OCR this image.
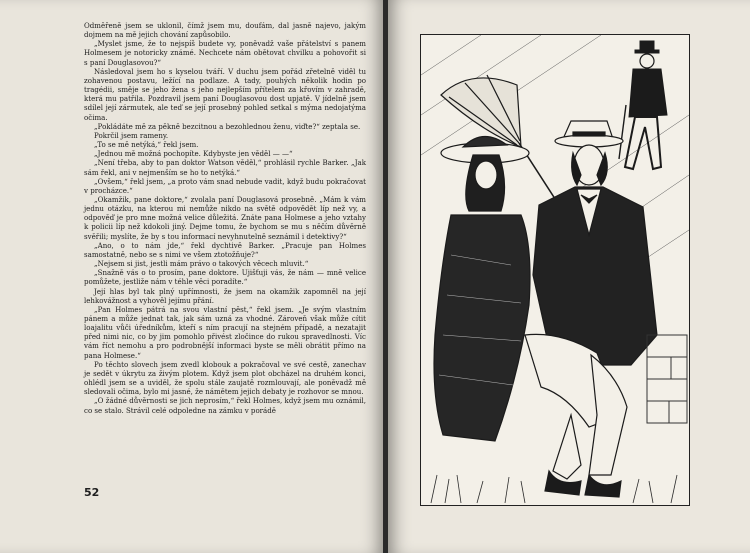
Odměřeně jsem se uklonil, čímž jsem mu, doufám, dal jasně najevo, jakým dojmem na mě jejich chování zapůsobilo.

„Myslet jsme, že to nejspíš budete vy, poněvadž vaše přátelství s panem Holmesem je notoricky známé. Nechcete nám obětovat chvilku a pohovořit si s paní Douglasovou?“

Následoval jsem ho s kyselou tváří. V duchu jsem pořád zřetelně viděl tu zohavenou postavu, ležící na podlaze. A tady, pouhých několik hodin po tragédii, směje se jeho žena s jeho nejlepším přítelem za křovím v zahradě, která mu patřila. Pozdravil jsem paní Douglasovou dost upjatě. V jídelně jsem sdílel její zármutek, ale teď se její prosebný pohled setkal s mýma nedojatýma očima.

„Pokládáte mě za pěkně bezcitnou a bezohlednou ženu, viďte?“ zeptala se.

Pokrčil jsem rameny.

„To se mě netýká,“ řekl jsem.

„Jednou mě možná pochopíte. Kdybyste jen věděl — —“

„Není třeba, aby to pan doktor Watson věděl,“ prohlásil rychle Barker. „Jak sám řekl, ani v nejmenším se ho to netýká.“

„Ovšem,“ řekl jsem, „a proto vám snad nebude vadit, když budu pokračovat v procházce.“

„Okamžik, pane doktore,“ zvolala paní Douglasová prosebně. „Mám k vám jednu otázku, na kterou mi nemůže nikdo na světě odpovědět líp než vy, a odpověď je pro mne možná velice důležitá. Znáte pana Holmese a jeho vztahy k policii líp než kdokoli jiný. Dejme tomu, že bychom se mu s něčím důvěrně svěřili; myslíte, že by s tou informací nevyhnutelně seznámil i detektivy?“

„Ano, o to nám jde,“ řekl dychtivě Barker. „Pracuje pan Holmes samostatně, nebo se s nimi ve všem ztotožňuje?“

„Nejsem si jist, jestli mám právo o takových věcech mluvit.“

„Snažně vás o to prosím, pane doktore. Ujišťuji vás, že nám — mně velice pomůžete, jestliže nám v téhle věci poradíte.“

Její hlas byl tak plný upřímnosti, že jsem na okamžik zapomněl na její lehkovážnost a vyhověl jejímu přání.

„Pan Holmes pátrá na svou vlastní pěst,“ řekl jsem. „Je svým vlastním pánem a může jednat tak, jak sám uzná za vhodné. Zároveň však může cítit loajalitu vůči úředníkům, kteří s ním pracují na stejném případě, a nezatajit před nimi nic, co by jim pomohlo přivést zločince do rukou spravedlnosti. Víc vám říct nemohu a pro podrobnější informaci byste se měli obrátit přímo na pana Holmese.“

Po těchto slovech jsem zvedl klobouk a pokračoval ve své cestě, zanechav je sedět v úkrytu za živým plotem. Když jsem plot obcházel na druhém konci, ohlédl jsem se a uviděl, že spolu stále zaujatě rozmlouvají, ale poněvadž mě sledovali očima, bylo mi jasné, že námětem jejich debaty je rozhovor se mnou.

„O žádné důvěrnosti se jich neprosím,“ řekl Holmes, když jsem mu oznámil, co se stalo. Strávil celé odpoledne na zámku v porádě

52
